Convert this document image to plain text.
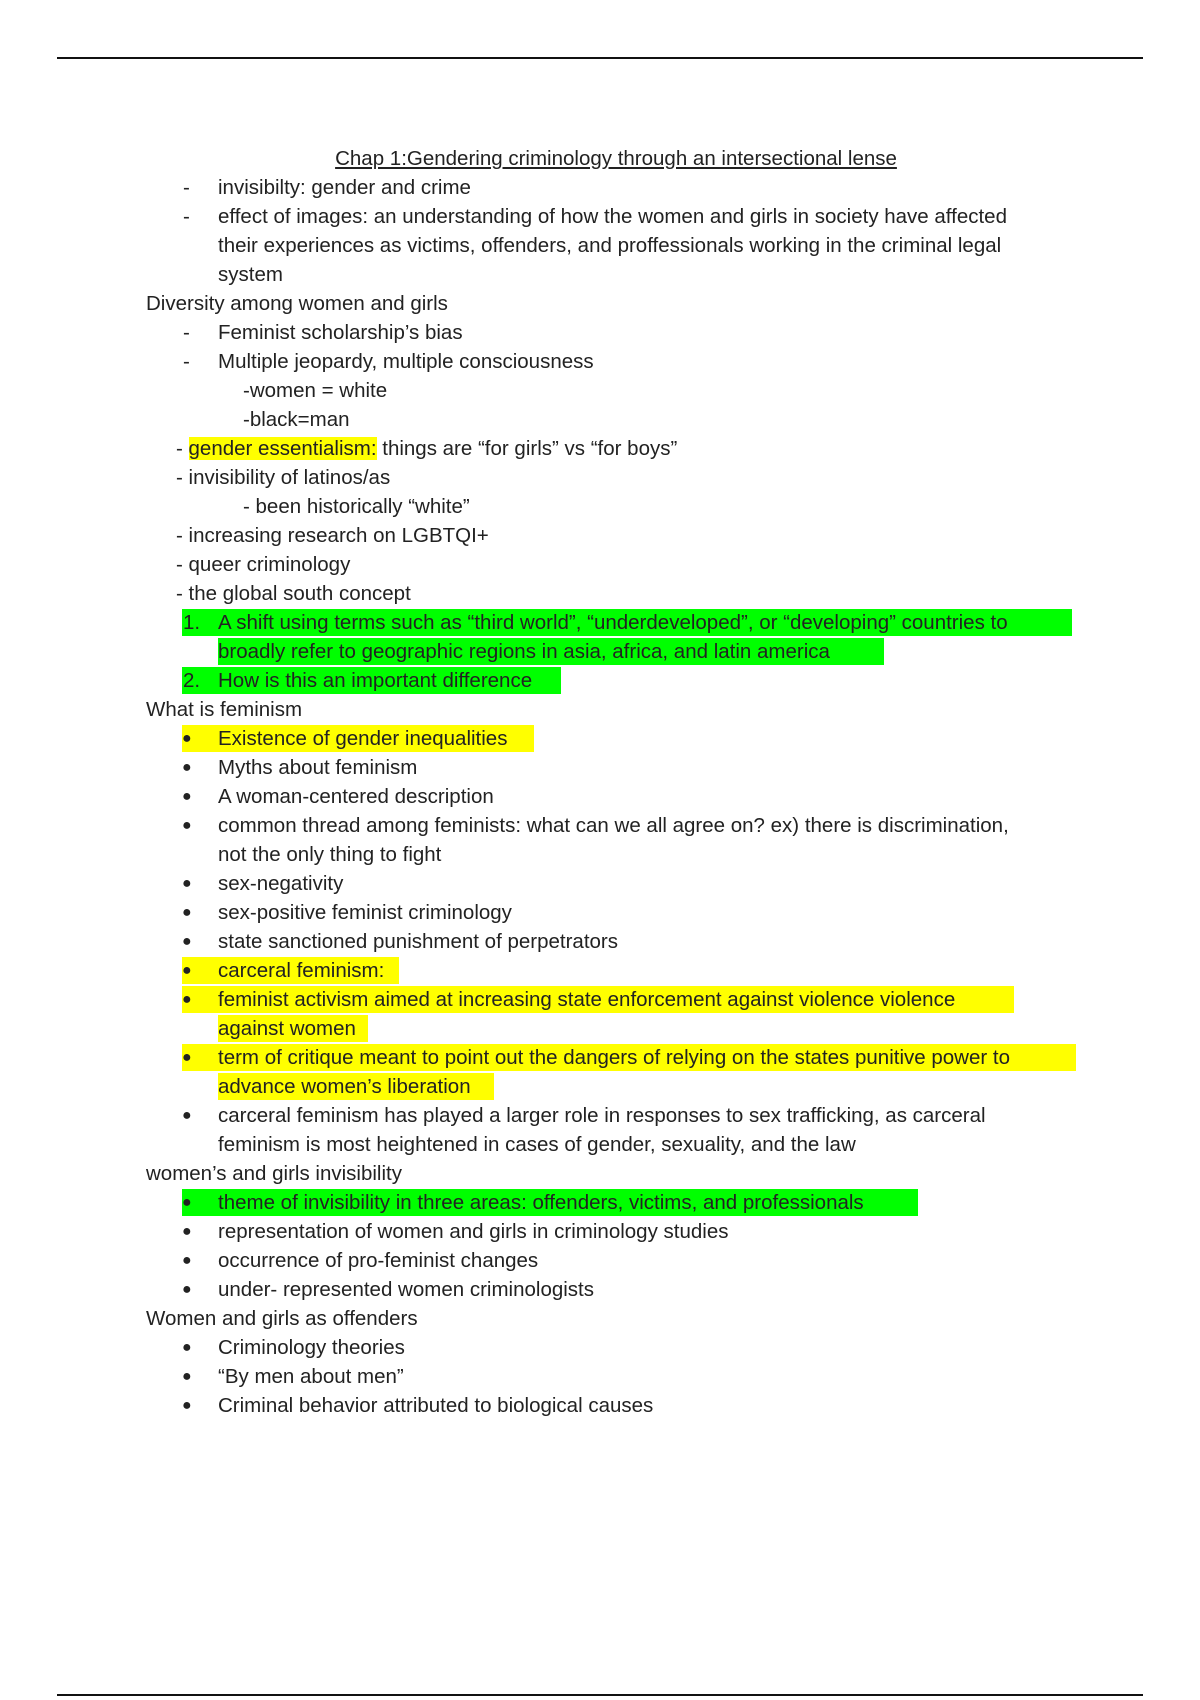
Chap 1:Gendering criminology through an intersectional lense
- invisibilty: gender and crime
- effect of images: an understanding of how the women and girls in society have affected
their experiences as victims, offenders, and proffessionals working in the criminal legal
system
Diversity among women and girls
- Feminist scholarship’s bias
- Multiple jeopardy, multiple consciousness
-women = white
-black=man
- gender essentialism: things are “for girls” vs “for boys”
- invisibility of latinos/as
- been historically “white”
- increasing research on LGBTQI+
- queer criminology
- the global south concept
1. A shift using terms such as “third world”, “underdeveloped”, or “developing” countries to
broadly refer to geographic regions in asia, africa, and latin america
2. How is this an important difference
What is feminism
● Existence of gender inequalities
● Myths about feminism
● A woman-centered description
● common thread among feminists: what can we all agree on? ex) there is discrimination,
not the only thing to fight
● sex-negativity
● sex-positive feminist criminology
● state sanctioned punishment of perpetrators
● carceral feminism:
● feminist activism aimed at increasing state enforcement against violence violence
against women
● term of critique meant to point out the dangers of relying on the states punitive power to
advance women’s liberation
● carceral feminism has played a larger role in responses to sex trafficking, as carceral
feminism is most heightened in cases of gender, sexuality, and the law
women’s and girls invisibility
● theme of invisibility in three areas: offenders, victims, and professionals
● representation of women and girls in criminology studies
● occurrence of pro-feminist changes
● under- represented women criminologists
Women and girls as offenders
● Criminology theories
● “By men about men”
● Criminal behavior attributed to biological causes
